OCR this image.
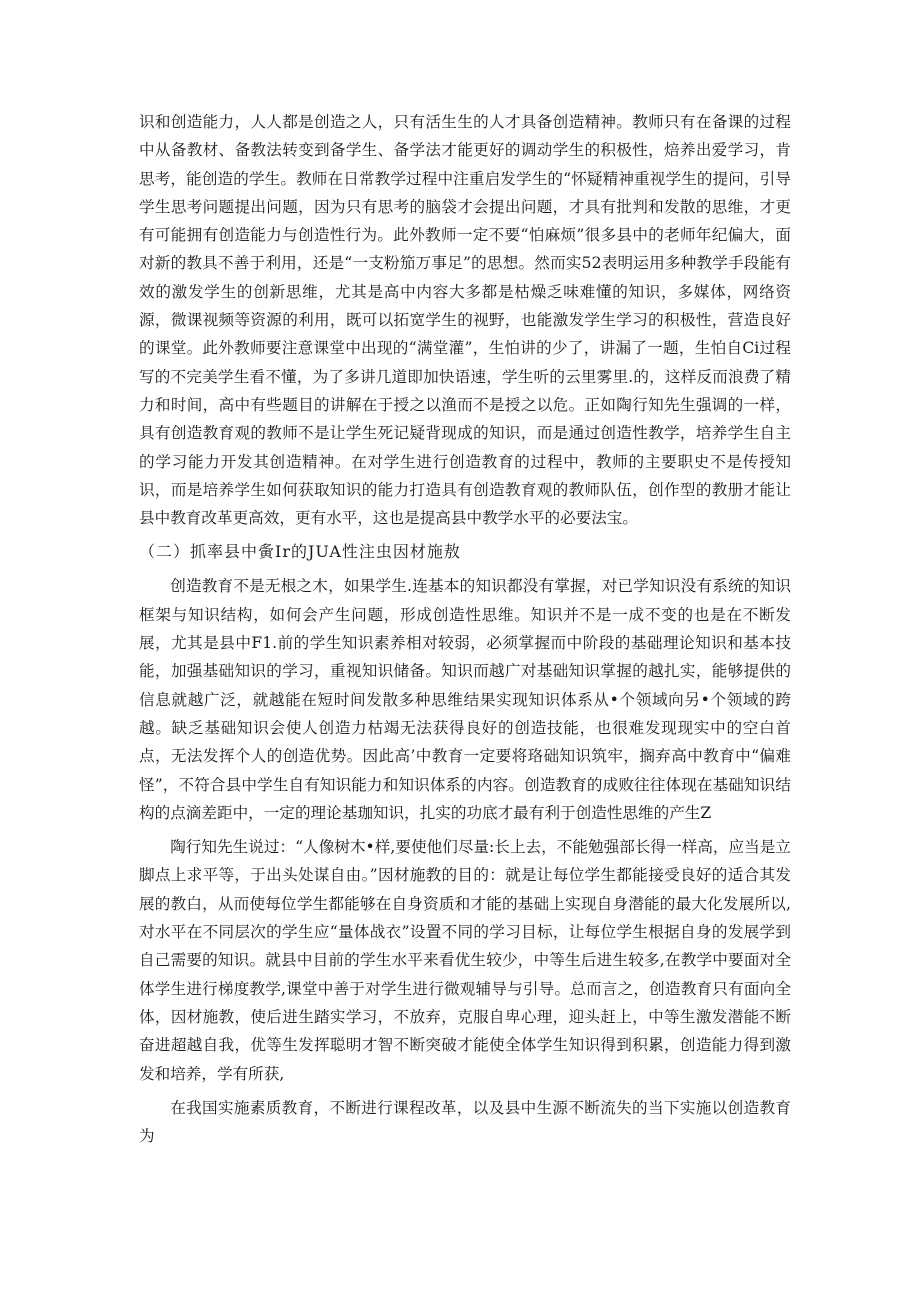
识和创造能力，人人都是创造之人，只有活生生的人才具备创造精神。教师只有在备课的过程中从备教材、备教法转变到备学生、备学法才能更好的调动学生的积极性，焙养出爱学习，肯思考，能创造的学生。教师在日常教学过程中注重启发学生的“怀疑精神重视学生的提问，引导学生思考问题提出问题，因为只有思考的脑袋才会提出问题，才具有批判和发散的思维，才更有可能拥有创造能力与创造性行为。此外教师一定不要“怕麻烦”很多县中的老师年纪偏大，面对新的教具不善于利用，还是“一支粉笳万事足”的思想。然而实52表明运用多种教学手段能有效的激发学生的创新思维，尤其是高中内容大多都是枯燥乏味难懂的知识，多媒体，网络资源，微课视频等资源的利用，既可以拓宽学生的视野，也能激发学生学习的积极性，营造良好的课堂。此外教师要注意课堂中出现的“满堂灌”，生怕讲的少了，讲漏了一题，生怕自Ci过程写的不完美学生看不懂，为了多讲几道即加快语速，学生听的云里雾里.的，这样反而浪费了精力和时间，高中有些题目的讲解在于授之以渔而不是授之以危。正如陶行知先生强调的一样，具有创造教育观的教师不是让学生死记疑背现成的知识，而是通过创造性教学，培养学生自主的学习能力开发其创造精神。在对学生进行创造教育的过程中，教师的主要职史不是传授知识，而是培养学生如何获取知识的能力打造具有创造教育观的教师队伍，创作型的教册才能让县中教育改革更高效，更有水平，这也是提高县中教学水平的必要法宝。

（二）抓率县中夤Ir的JUA性注虫因材施敖

创造教育不是无根之木，如果学生.连基本的知识都没有掌握，对已学知识没有系统的知识框架与知识结构，如何会产生问题，形成创造性思维。知识并不是一成不变的也是在不断发展，尤其是县中F1.前的学生知识素养相对较弱，必须掌握而中阶段的基础理论知识和基本技能，加强基础知识的学习，重视知识储备。知识而越广对基础知识掌握的越扎实，能够提供的信息就越广泛，就越能在短时间发散多种思维结果实现知识体系从•个领域向另•个领域的跨越。缺乏基础知识会使人创造力枯竭无法获得良好的创造技能，也很难发现现实中的空白首点，无法发挥个人的创造优势。因此高’中教育一定要将珞础知识筑牢，搁弃高中教育中“偏难怪”，不符合县中学生自有知识能力和知识体系的内容。创造教育的成败往往体现在基础知识结构的点滴差距中，一定的理论基珈知识，扎实的功底才最有利于创造性思维的产生Z

陶行知先生说过：“人像树木•样,要使他们尽量:长上去，不能勉强部长得一样高，应当是立脚点上求平等，于出头处谋自由。”因材施教的目的：就是让每位学生都能接受良好的适合其发展的教白，从而使每位学生都能够在自身资质和才能的基础上实现自身潜能的最大化发展所以,对水平在不同层次的学生应“量体战衣”设置不同的学习目标，让每位学生根据自身的发展学到自己需要的知识。就县中目前的学生水平来看优生较少，中等生后进生较多,在教学中要面对全体学生进行梯度教学,课堂中善于对学生进行微观辅导与引导。总而言之，创造教育只有面向全体，因材施教，使后进生踏实学习，不放弃，克服自卑心理，迎头赶上，中等生激发潜能不断奋进超越自我，优等生发挥聪明才智不断突破才能使全体学生知识得到积累，创造能力得到激发和培养，学有所获,

在我国实施素质教育，不断进行课程改革，以及县中生源不断流失的当下实施以创造教育为
